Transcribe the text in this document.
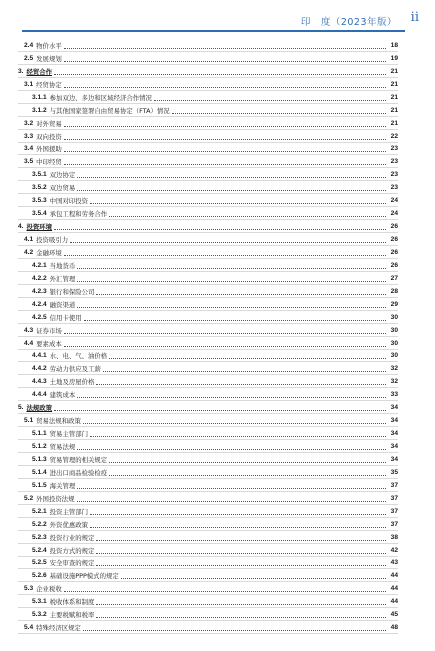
印　度（2023年版） ii
2.4 物价水平	18
2.5 发展规划	19
3. 经贸合作	21
3.1 经贸协定	21
3.1.1 参加双边、多边和区域经济合作情况	21
3.1.2 与其他国家签署自由贸易协定（FTA）情况	21
3.2 对外贸易	21
3.3 双向投资	22
3.4 外国援助	23
3.5 中印经贸	23
3.5.1 双边协定	23
3.5.2 双边贸易	23
3.5.3 中国对印投资	24
3.5.4 承包工程和劳务合作	24
4. 投资环境	26
4.1 投资吸引力	26
4.2 金融环境	26
4.2.1 当地货币	26
4.2.2 外汇管理	27
4.2.3 银行和保险公司	28
4.2.4 融资渠道	29
4.2.5 信用卡使用	30
4.3 证券市场	30
4.4 要素成本	30
4.4.1 水、电、气、油价格	30
4.4.2 劳动力供应及工薪	32
4.4.3 土地及房屋价格	32
4.4.4 建筑成本	33
5. 法规政策	34
5.1 贸易法规和政策	34
5.1.1 贸易主管部门	34
5.1.2 贸易法规	34
5.1.3 贸易管理的相关规定	34
5.1.4 进出口商品检验检疫	35
5.1.5 海关管理	37
5.2 外国投资法规	37
5.2.1 投资主管部门	37
5.2.2 外资优惠政策	37
5.2.3 投资行业的规定	38
5.2.4 投资方式的规定	42
5.2.5 安全审查的规定	43
5.2.6 基础设施PPP模式的规定	44
5.3 企业税收	44
5.3.1 税收体系和制度	44
5.3.2 主要税赋和税率	45
5.4 特殊经济区规定	48
